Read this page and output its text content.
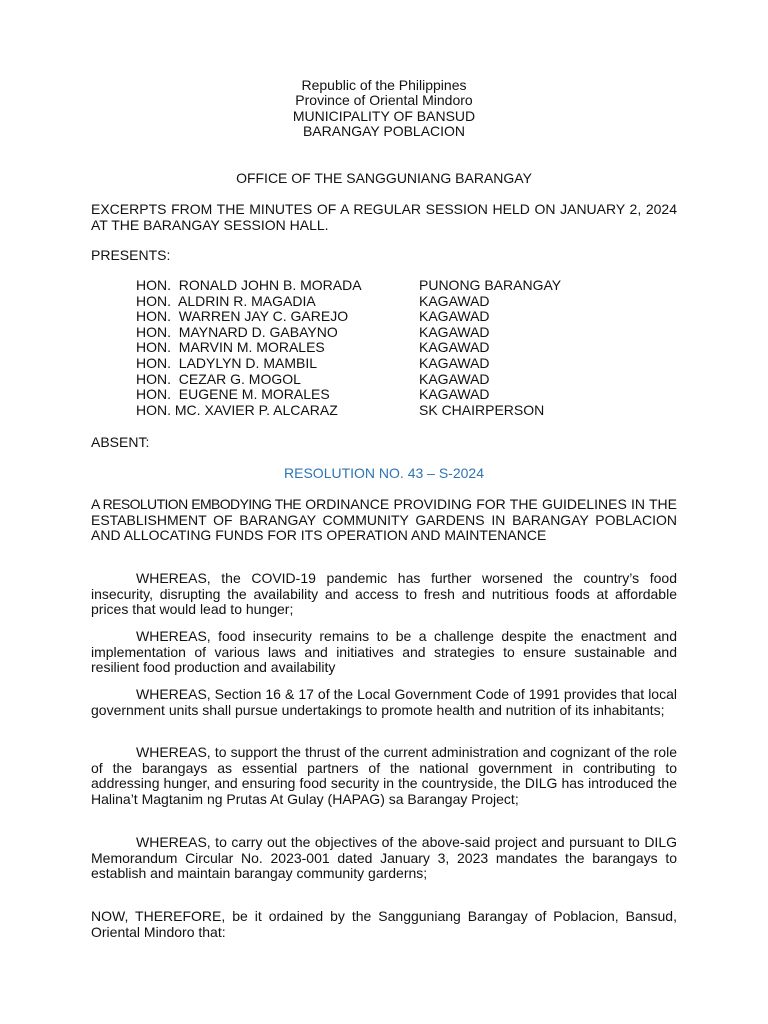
Republic of the Philippines
Province of Oriental Mindoro
MUNICIPALITY OF BANSUD
BARANGAY POBLACION
OFFICE OF THE SANGGUNIANG BARANGAY
EXCERPTS FROM THE MINUTES OF A REGULAR SESSION HELD ON JANUARY 2, 2024 AT THE BARANGAY SESSION HALL.
PRESENTS:
HON.  RONALD JOHN B. MORADA	PUNONG BARANGAY
HON.  ALDRIN R. MAGADIA	KAGAWAD
HON.  WARREN JAY C. GAREJO	KAGAWAD
HON.  MAYNARD D. GABAYNO	KAGAWAD
HON.  MARVIN M. MORALES	KAGAWAD
HON.  LADYLYN D. MAMBIL	KAGAWAD
HON.  CEZAR G. MOGOL	KAGAWAD
HON.  EUGENE M. MORALES	KAGAWAD
HON. MC. XAVIER P. ALCARAZ	SK CHAIRPERSON
ABSENT:
RESOLUTION NO. 43 – S-2024
A RESOLUTION EMBODYING THE ORDINANCE PROVIDING FOR THE GUIDELINES IN THE ESTABLISHMENT OF BARANGAY COMMUNITY GARDENS IN BARANGAY POBLACION AND ALLOCATING FUNDS FOR ITS OPERATION AND MAINTENANCE
WHEREAS, the COVID-19 pandemic has further worsened the country’s food insecurity, disrupting the availability and access to fresh and nutritious foods at affordable prices that would lead to hunger;
WHEREAS, food insecurity remains to be a challenge despite the enactment and implementation of various laws and initiatives and strategies to ensure sustainable and resilient food production and availability
WHEREAS, Section 16 & 17 of the Local Government Code of 1991 provides that local government units shall pursue undertakings to promote health and nutrition of its inhabitants;
WHEREAS, to support the thrust of the current administration and cognizant of the role of the barangays as essential partners of the national government in contributing to addressing hunger, and ensuring food security in the countryside, the DILG has introduced the Halina’t Magtanim ng Prutas At Gulay (HAPAG) sa Barangay Project;
WHEREAS, to carry out the objectives of the above-said project and pursuant to DILG Memorandum Circular No. 2023-001 dated January 3, 2023 mandates the barangays to establish and maintain barangay community garderns;
NOW, THEREFORE, be it ordained by the Sangguniang Barangay of Poblacion, Bansud, Oriental Mindoro that:
